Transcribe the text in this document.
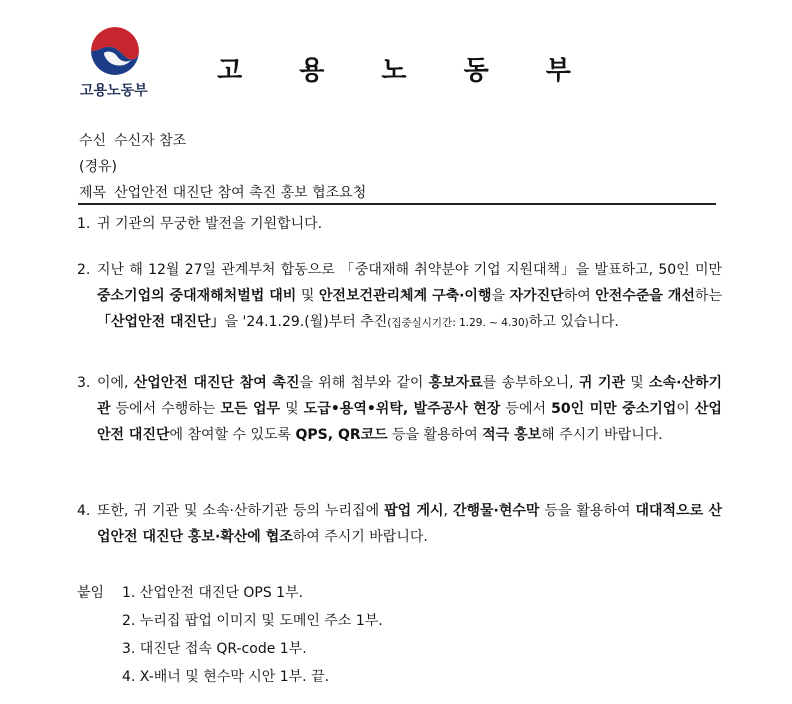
고용노동부
고 용 노 동 부
수신 수신자 참조
(경유)
제목 산업안전 대진단 참여 촉진 홍보 협조요청
1. 귀 기관의 무궁한 발전을 기원합니다.
2. 지난 해 12월 27일 관계부처 합동으로 「중대재해 취약분야 기업 지원대책」을 발표하고, 50인 미만 중소기업의 중대재해처벌법 대비 및 안전보건관리체계 구축·이행을 자가진단하여 안전수준을 개선하는 「산업안전 대진단」을 '24.1.29.(월)부터 추진(집중실시기간: 1.29. ~ 4.30)하고 있습니다.
3. 이에, 산업안전 대진단 참여 촉진을 위해 첨부와 같이 홍보자료를 송부하오니, 귀 기관 및 소속·산하기관 등에서 수행하는 모든 업무 및 도급•용역•위탁, 발주공사 현장 등에서 50인 미만 중소기업이 산업안전 대진단에 참여할 수 있도록 QPS, QR코드 등을 활용하여 적극 홍보해 주시기 바랍니다.
4. 또한, 귀 기관 및 소속·산하기관 등의 누리집에 팝업 게시, 간행물·현수막 등을 활용하여 대대적으로 산업안전 대진단 홍보·확산에 협조하여 주시기 바랍니다.
붙임 1. 산업안전 대진단 OPS 1부.
2. 누리집 팝업 이미지 및 도메인 주소 1부.
3. 대진단 접속 QR-code 1부.
4. X-배너 및 현수막 시안 1부. 끝.
